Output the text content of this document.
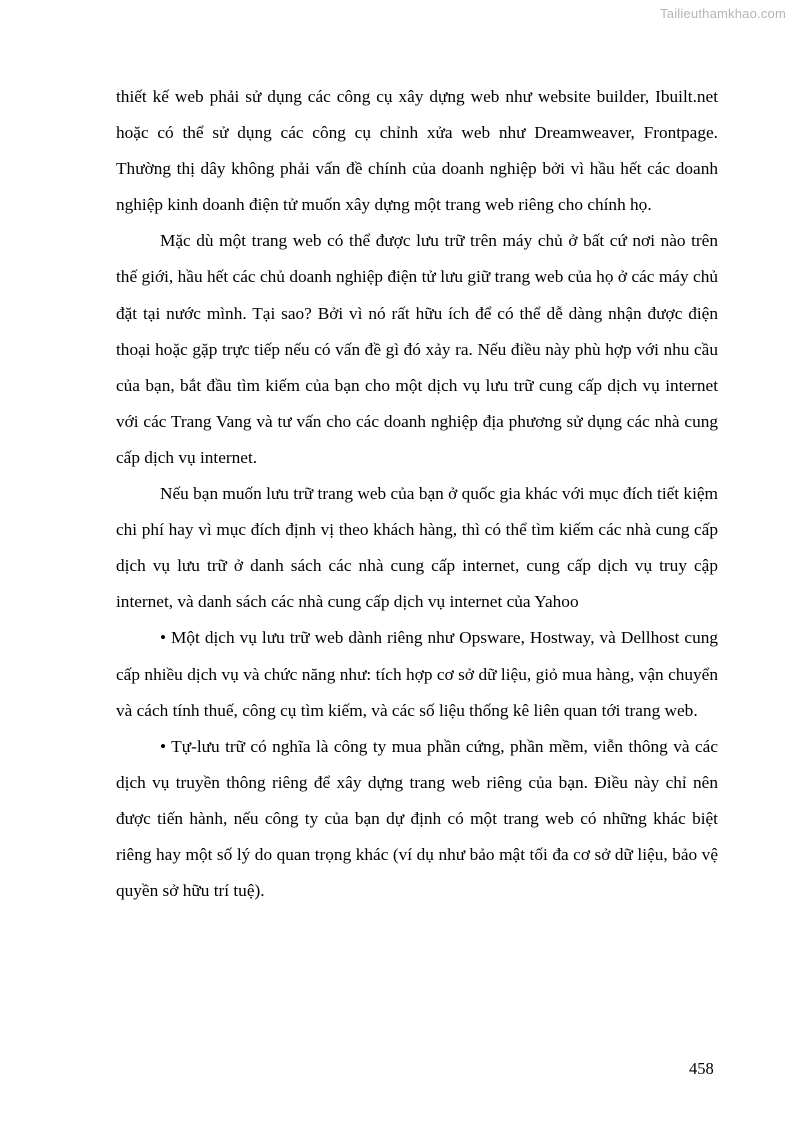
Tailieuthamkhao.com

thiết kế web phải sử dụng các công cụ xây dựng web như website builder, Ibuilt.net hoặc có thể sử dụng các công cụ chỉnh xửa web như Dreamweaver, Frontpage. Thường thị dây không phải vấn đề chính của doanh nghiệp bởi vì hầu hết các doanh nghiệp kinh doanh điện tử muốn xây dựng một trang web riêng cho chính họ.

Mặc dù một trang web có thể được lưu trữ trên máy chủ ở bất cứ nơi nào trên thế giới, hầu hết các chủ doanh nghiệp điện tử lưu giữ trang web của họ ở các máy chủ đặt tại nước mình. Tại sao? Bởi vì nó rất hữu ích để có thể dễ dàng nhận được điện thoại hoặc gặp trực tiếp nếu có vấn đề gì đó xảy ra. Nếu điều này phù hợp với nhu cầu của bạn, bắt đầu tìm kiếm của bạn cho một dịch vụ lưu trữ cung cấp dịch vụ internet với các Trang Vang và tư vấn cho các doanh nghiệp địa phương sử dụng các nhà cung cấp dịch vụ internet.

Nếu bạn muốn lưu trữ trang web của bạn ở quốc gia khác với mục đích tiết kiệm chi phí hay vì mục đích định vị theo khách hàng, thì có thể tìm kiếm các nhà cung cấp dịch vụ lưu trữ ở danh sách các nhà cung cấp internet, cung cấp dịch vụ truy cập internet, và danh sách các nhà cung cấp dịch vụ internet của Yahoo

• Một dịch vụ lưu trữ web dành riêng như Opsware, Hostway, và Dellhost cung cấp nhiều dịch vụ và chức năng như: tích hợp cơ sở dữ liệu, giỏ mua hàng, vận chuyển và cách tính thuế, công cụ tìm kiếm, và các số liệu thống kê liên quan tới trang web.

• Tự-lưu trữ có nghĩa là công ty mua phần cứng, phần mềm, viễn thông và các dịch vụ truyền thông riêng để xây dựng trang web riêng của bạn. Điều này chỉ nên được tiến hành, nếu công ty của bạn dự định có một trang web có những khác biệt riêng hay một số lý do quan trọng khác (ví dụ như bảo mật tối đa cơ sở dữ liệu, bảo vệ quyền sở hữu trí tuệ).

458
